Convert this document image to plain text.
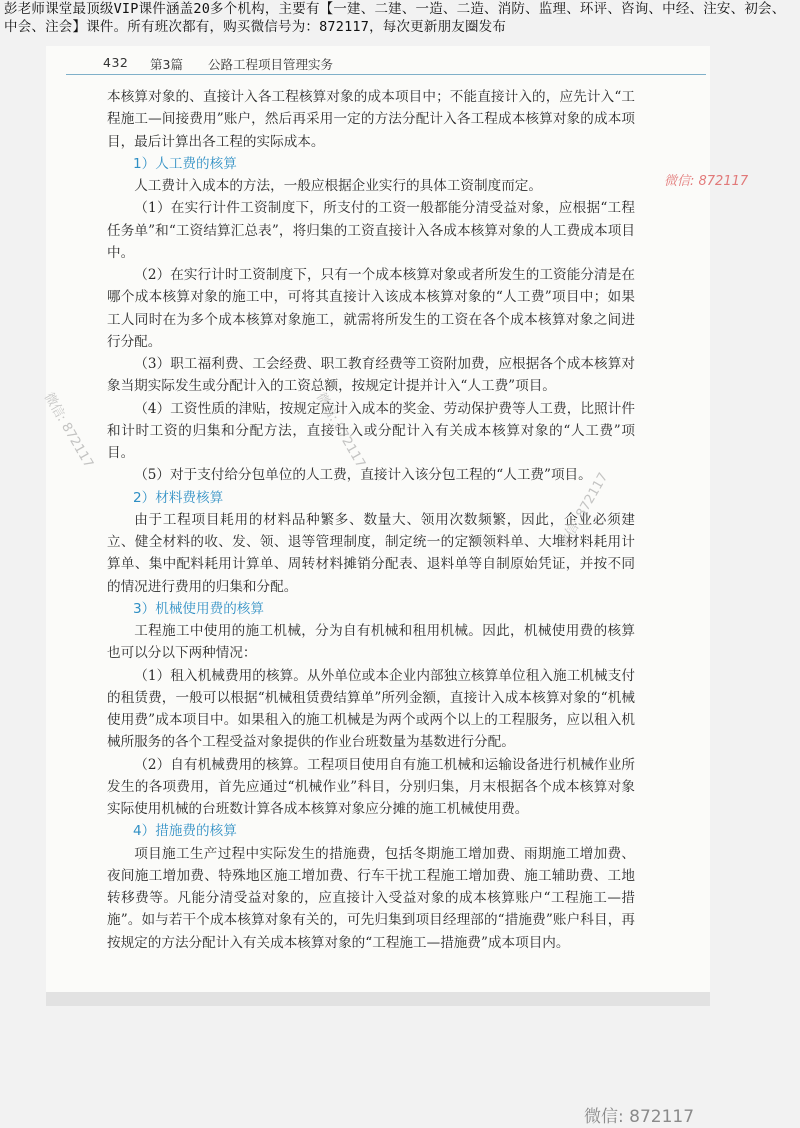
彭老师课堂最顶级VIP课件涵盖20多个机构，主要有【一建、二建、一造、二造、消防、监理、环评、咨询、中经、注安、初会、中会、注会】课件。所有班次都有，购买微信号为：872117，每次更新朋友圈发布
432 第3篇 公路工程项目管理实务

本核算对象的、直接计入各工程核算对象的成本项目中；不能直接计入的，应先计入“工程施工—间接费用”账户，然后再采用一定的方法分配计入各工程成本核算对象的成本项目，最后计算出各工程的实际成本。

1）人工费的核算

人工费计入成本的方法，一般应根据企业实行的具体工资制度而定。

（1）在实行计件工资制度下，所支付的工资一般都能分清受益对象，应根据“工程任务单”和“工资结算汇总表”，将归集的工资直接计入各成本核算对象的人工费成本项目中。

（2）在实行计时工资制度下，只有一个成本核算对象或者所发生的工资能分清是在哪个成本核算对象的施工中，可将其直接计入该成本核算对象的“人工费”项目中；如果工人同时在为多个成本核算对象施工，就需将所发生的工资在各个成本核算对象之间进行分配。

（3）职工福利费、工会经费、职工教育经费等工资附加费，应根据各个成本核算对象当期实际发生或分配计入的工资总额，按规定计提并计入“人工费”项目。

（4）工资性质的津贴，按规定应计入成本的奖金、劳动保护费等人工费，比照计件和计时工资的归集和分配方法，直接计入或分配计入有关成本核算对象的“人工费”项目。

（5）对于支付给分包单位的人工费，直接计入该分包工程的“人工费”项目。

2）材料费核算

由于工程项目耗用的材料品种繁多、数量大、领用次数频繁，因此，企业必须建立、健全材料的收、发、领、退等管理制度，制定统一的定额领料单、大堆材料耗用计算单、集中配料耗用计算单、周转材料摊销分配表、退料单等自制原始凭证，并按不同的情况进行费用的归集和分配。

3）机械使用费的核算

工程施工中使用的施工机械，分为自有机械和租用机械。因此，机械使用费的核算也可以分以下两种情况：

（1）租入机械费用的核算。从外单位或本企业内部独立核算单位租入施工机械支付的租赁费，一般可以根据“机械租赁费结算单”所列金额，直接计入成本核算对象的“机械使用费”成本项目中。如果租入的施工机械是为两个或两个以上的工程服务，应以租入机械所服务的各个工程受益对象提供的作业台班数量为基数进行分配。

（2）自有机械费用的核算。工程项目使用自有施工机械和运输设备进行机械作业所发生的各项费用，首先应通过“机械作业”科目，分别归集，月末根据各个成本核算对象实际使用机械的台班数计算各成本核算对象应分摊的施工机械使用费。

4）措施费的核算

项目施工生产过程中实际发生的措施费，包括冬期施工增加费、雨期施工增加费、夜间施工增加费、特殊地区施工增加费、行车干扰工程施工增加费、施工辅助费、工地转移费等。凡能分清受益对象的，应直接计入受益对象的成本核算账户“工程施工—措施”。如与若干个成本核算对象有关的，可先归集到项目经理部的“措施费”账户科目，再按规定的方法分配计入有关成本核算对象的“工程施工—措施费”成本项目内。

微信: 872117
微信: 872117	微信: 872117
微信: 872117
微信: 872117
